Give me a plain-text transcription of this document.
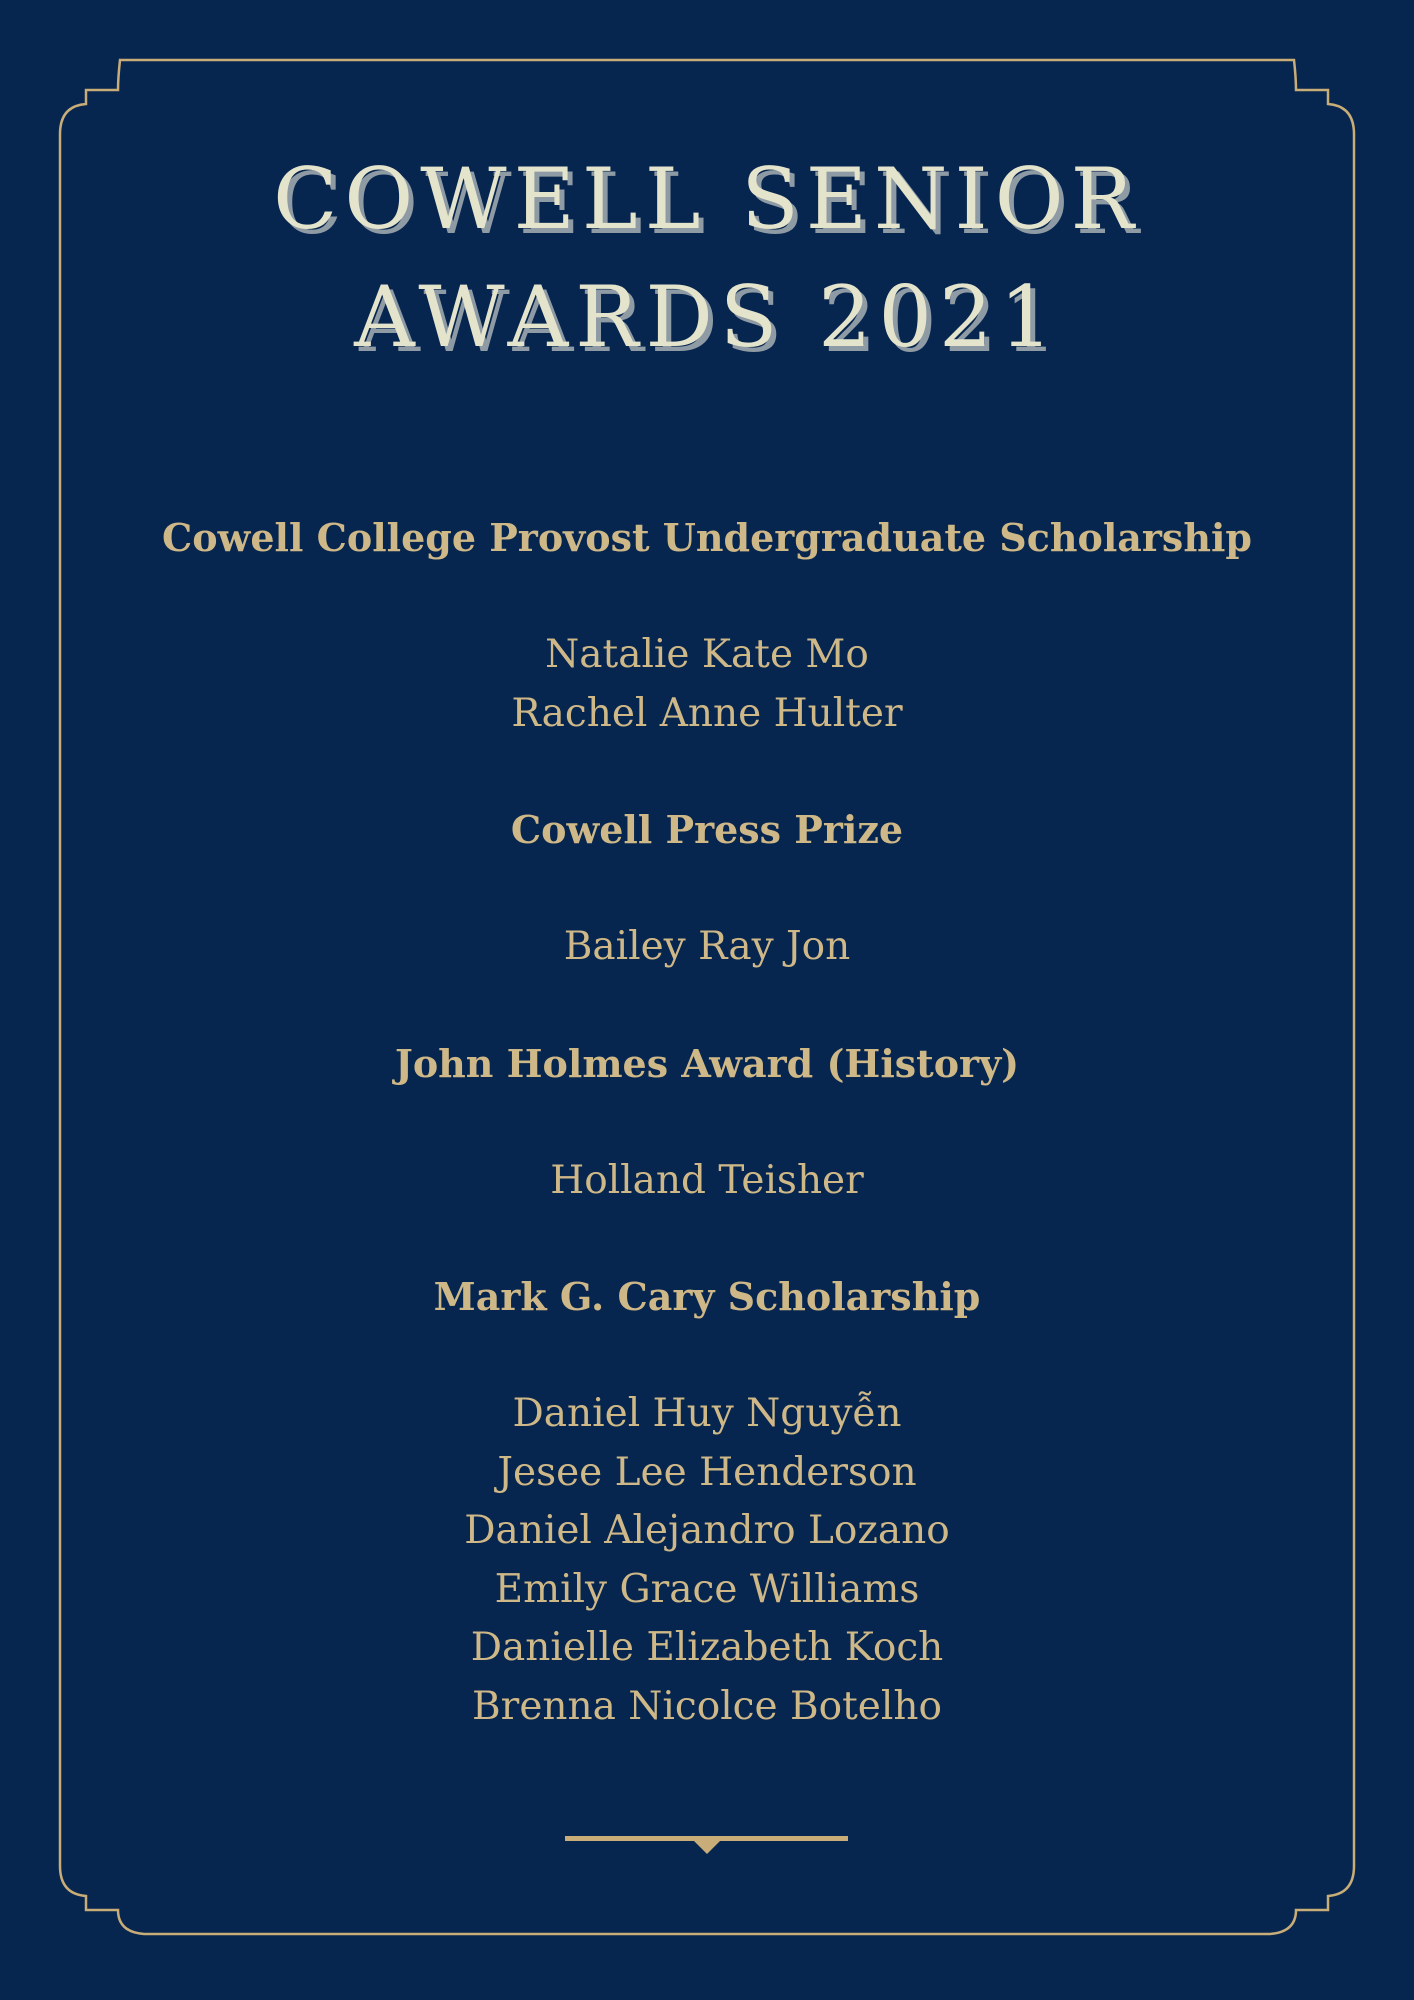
COWELL SENIOR
AWARDS 2021
Cowell College Provost Undergraduate Scholarship
Natalie Kate Mo
Rachel Anne Hulter
Cowell Press Prize
Bailey Ray Jon
John Holmes Award (History)
Holland Teisher
Mark G. Cary Scholarship
Daniel Huy Nguyễn
Jesee Lee Henderson
Daniel Alejandro Lozano
Emily Grace Williams
Danielle Elizabeth Koch
Brenna Nicolce Botelho
